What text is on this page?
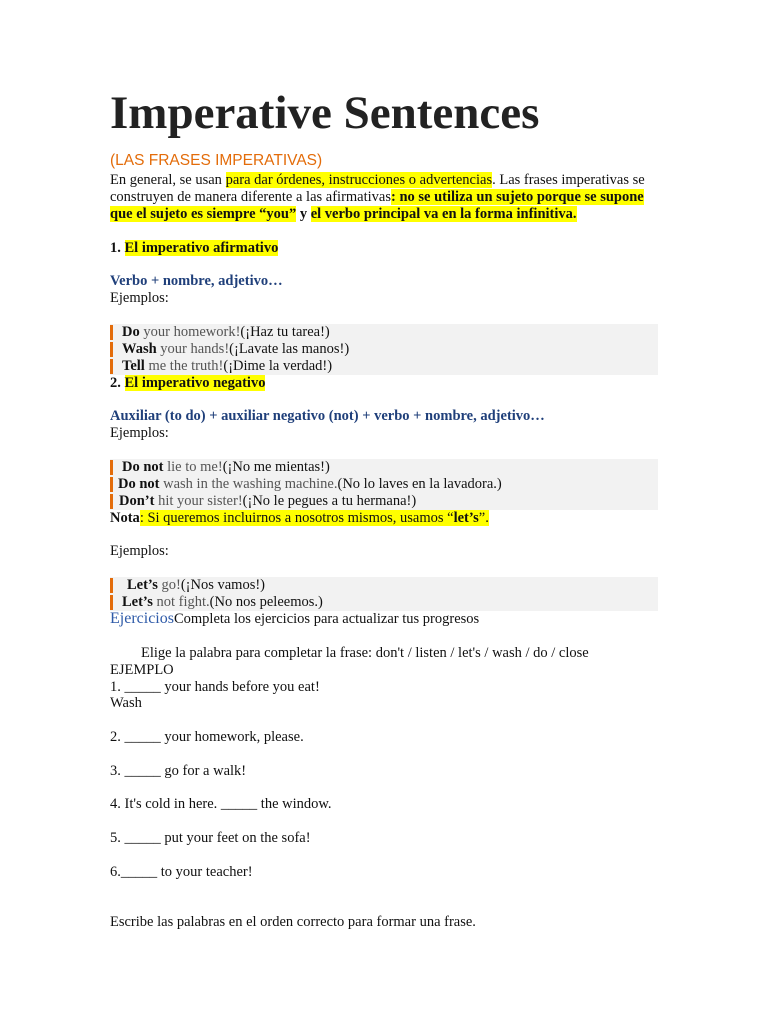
Imperative Sentences
(LAS FRASES IMPERATIVAS)
En general, se usan para dar órdenes, instrucciones o advertencias. Las frases imperativas se construyen de manera diferente a las afirmativas: no se utiliza un sujeto porque se supone que el sujeto es siempre “you” y el verbo principal va en la forma infinitiva.
1. El imperativo afirmativo
Verbo + nombre, adjetivo…
Ejemplos:
Do your homework!(¡Haz tu tarea!)
Wash your hands!(¡Lavate las manos!)
Tell me the truth!(¡Dime la verdad!)
2. El imperativo negativo
Auxiliar (to do) + auxiliar negativo (not) + verbo + nombre, adjetivo…
Ejemplos:
Do not lie to me!(¡No me mientas!)
Do not wash in the washing machine.(No lo laves en la lavadora.)
Don’t hit your sister!(¡No le pegues a tu hermana!)
Nota: Si queremos incluirnos a nosotros mismos, usamos “let’s”.
Ejemplos:
Let’s go!(¡Nos vamos!)
Let’s not fight.(No nos peleemos.)
EjerciciosCompleta los ejercicios para actualizar tus progresos
Elige la palabra para completar la frase: don't / listen / let's / wash / do / close
EJEMPLO
1. _____ your hands before you eat!
Wash
2. _____ your homework, please.
3. _____ go for a walk!
4. It's cold in here. _____ the window.
5. _____ put your feet on the sofa!
6._____ to your teacher!
Escribe las palabras en el orden correcto para formar una frase.
